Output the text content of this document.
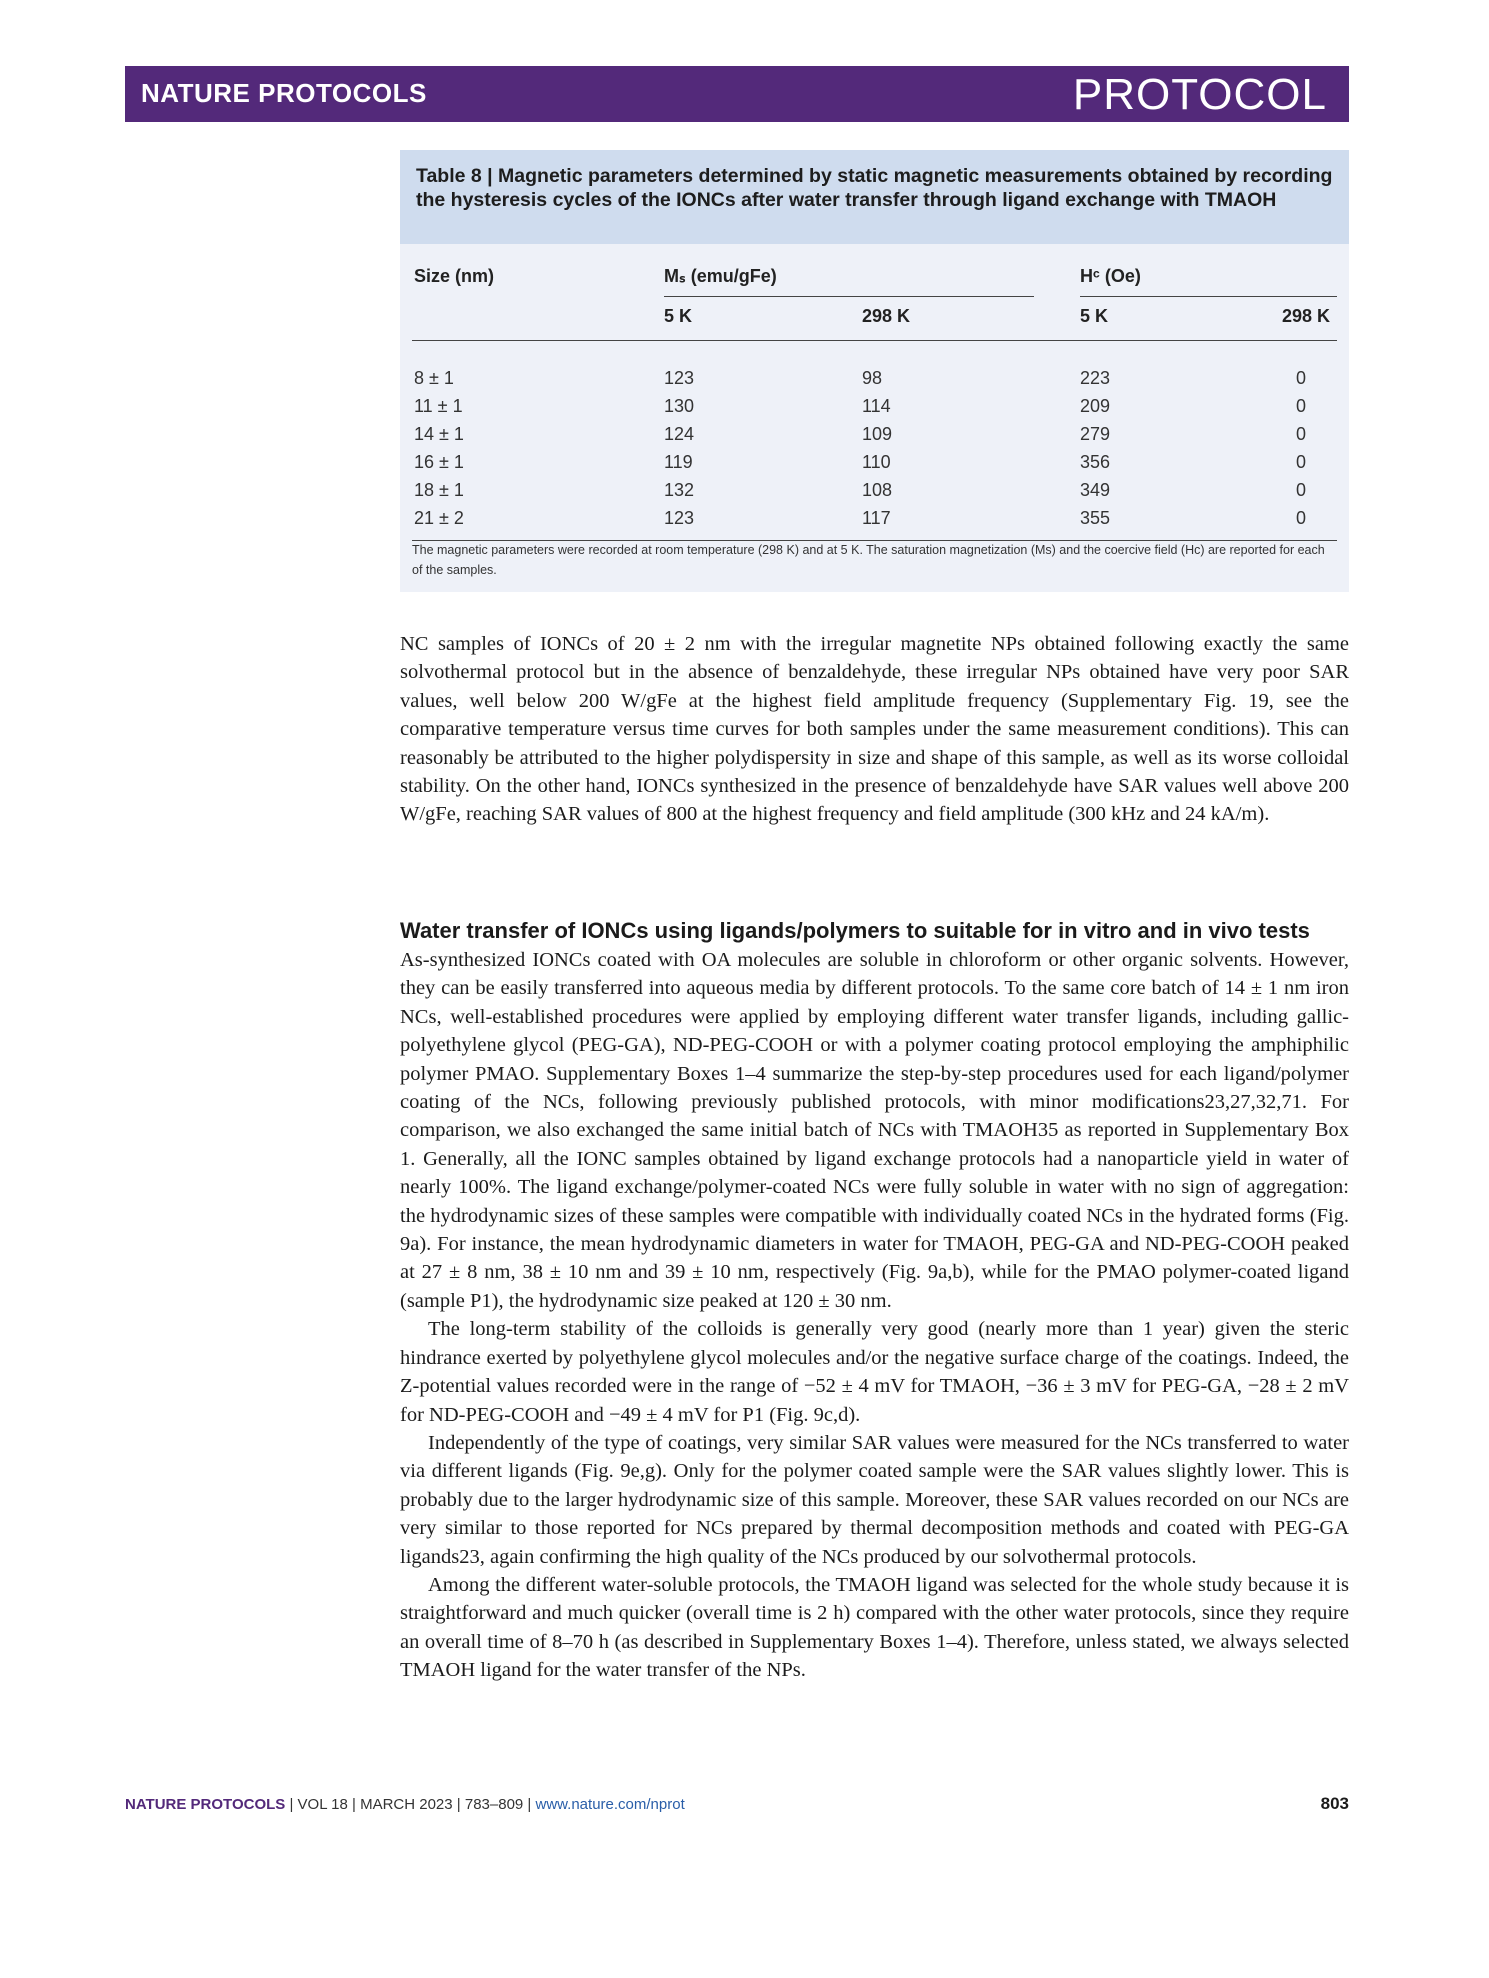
NATURE PROTOCOLS	PROTOCOL
Table 8 | Magnetic parameters determined by static magnetic measurements obtained by recording the hysteresis cycles of the IONCs after water transfer through ligand exchange with TMAOH
Size (nm)	Mₛ (emu/gFe)	Hᶜ (Oe)
5 K	298 K	5 K	298 K
8 ± 1	123	98	223	0
11 ± 1	130	114	209	0
14 ± 1	124	109	279	0
16 ± 1	119	110	356	0
18 ± 1	132	108	349	0
21 ± 2	123	117	355	0
The magnetic parameters were recorded at room temperature (298 K) and at 5 K. The saturation magnetization (Ms) and the coercive field (Hc) are reported for each of the samples.

NC samples of IONCs of 20 ± 2 nm with the irregular magnetite NPs obtained following exactly the same solvothermal protocol but in the absence of benzaldehyde, these irregular NPs obtained have very poor SAR values, well below 200 W/gFe at the highest field amplitude frequency (Supplementary Fig. 19, see the comparative temperature versus time curves for both samples under the same measurement conditions). This can reasonably be attributed to the higher polydispersity in size and shape of this sample, as well as its worse colloidal stability. On the other hand, IONCs synthesized in the presence of benzaldehyde have SAR values well above 200 W/gFe, reaching SAR values of 800 at the highest frequency and field amplitude (300 kHz and 24 kA/m).

Water transfer of IONCs using ligands/polymers to suitable for in vitro and in vivo tests

As-synthesized IONCs coated with OA molecules are soluble in chloroform or other organic solvents. However, they can be easily transferred into aqueous media by different protocols. To the same core batch of 14 ± 1 nm iron NCs, well-established procedures were applied by employing different water transfer ligands, including gallic-polyethylene glycol (PEG-GA), ND-PEG-COOH or with a polymer coating protocol employing the amphiphilic polymer PMAO. Supplementary Boxes 1–4 summarize the step-by-step procedures used for each ligand/polymer coating of the NCs, following previously published protocols, with minor modifications23,27,32,71. For comparison, we also exchanged the same initial batch of NCs with TMAOH35 as reported in Supplementary Box 1. Generally, all the IONC samples obtained by ligand exchange protocols had a nanoparticle yield in water of nearly 100%. The ligand exchange/polymer-coated NCs were fully soluble in water with no sign of aggregation: the hydrodynamic sizes of these samples were compatible with individually coated NCs in the hydrated forms (Fig. 9a). For instance, the mean hydrodynamic diameters in water for TMAOH, PEG-GA and ND-PEG-COOH peaked at 27 ± 8 nm, 38 ± 10 nm and 39 ± 10 nm, respectively (Fig. 9a,b), while for the PMAO polymer-coated ligand (sample P1), the hydrodynamic size peaked at 120 ± 30 nm.

The long-term stability of the colloids is generally very good (nearly more than 1 year) given the steric hindrance exerted by polyethylene glycol molecules and/or the negative surface charge of the coatings. Indeed, the Z-potential values recorded were in the range of −52 ± 4 mV for TMAOH, −36 ± 3 mV for PEG-GA, −28 ± 2 mV for ND-PEG-COOH and −49 ± 4 mV for P1 (Fig. 9c,d).

Independently of the type of coatings, very similar SAR values were measured for the NCs transferred to water via different ligands (Fig. 9e,g). Only for the polymer coated sample were the SAR values slightly lower. This is probably due to the larger hydrodynamic size of this sample. Moreover, these SAR values recorded on our NCs are very similar to those reported for NCs prepared by thermal decomposition methods and coated with PEG-GA ligands23, again confirming the high quality of the NCs produced by our solvothermal protocols.

Among the different water-soluble protocols, the TMAOH ligand was selected for the whole study because it is straightforward and much quicker (overall time is 2 h) compared with the other water protocols, since they require an overall time of 8–70 h (as described in Supplementary Boxes 1–4). Therefore, unless stated, we always selected TMAOH ligand for the water transfer of the NPs.

NATURE PROTOCOLS | VOL 18 | MARCH 2023 | 783–809 | www.nature.com/nprot	803
